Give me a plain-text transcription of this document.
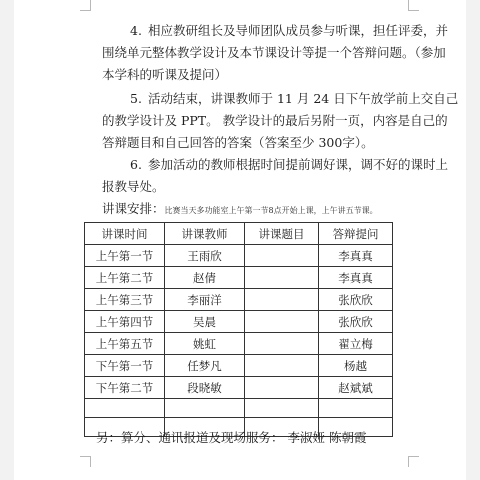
4. 相应教研组长及导师团队成员参与听课，担任评委，并
围绕单元整体教学设计及本节课设计等提一个答辩问题。（参加
本学科的听课及提问）
5. 活动结束，讲课教师于 11 月 24 日下午放学前上交自己
的教学设计及 PPT。 教学设计的最后另附一页，内容是自己的
答辩题目和自己回答的答案（答案至少 300字）。
6. 参加活动的教师根据时间提前调好课，调不好的课时上
报教导处。
讲课安排：比赛当天多功能室上午第一节8点开始上课，上午讲五节课。
讲课时间	讲课教师	讲课题目	答辩提问
上午第一节	王雨欣		李真真
上午第二节	赵倩		李真真
上午第三节	李丽洋		张欣欣
上午第四节	吴晨		张欣欣
上午第五节	姚虹		翟立梅
下午第一节	任梦凡		杨越
下午第二节	段晓敏		赵斌斌

另：算分、通讯报道及现场服务： 李淑娅 陈朝霞
